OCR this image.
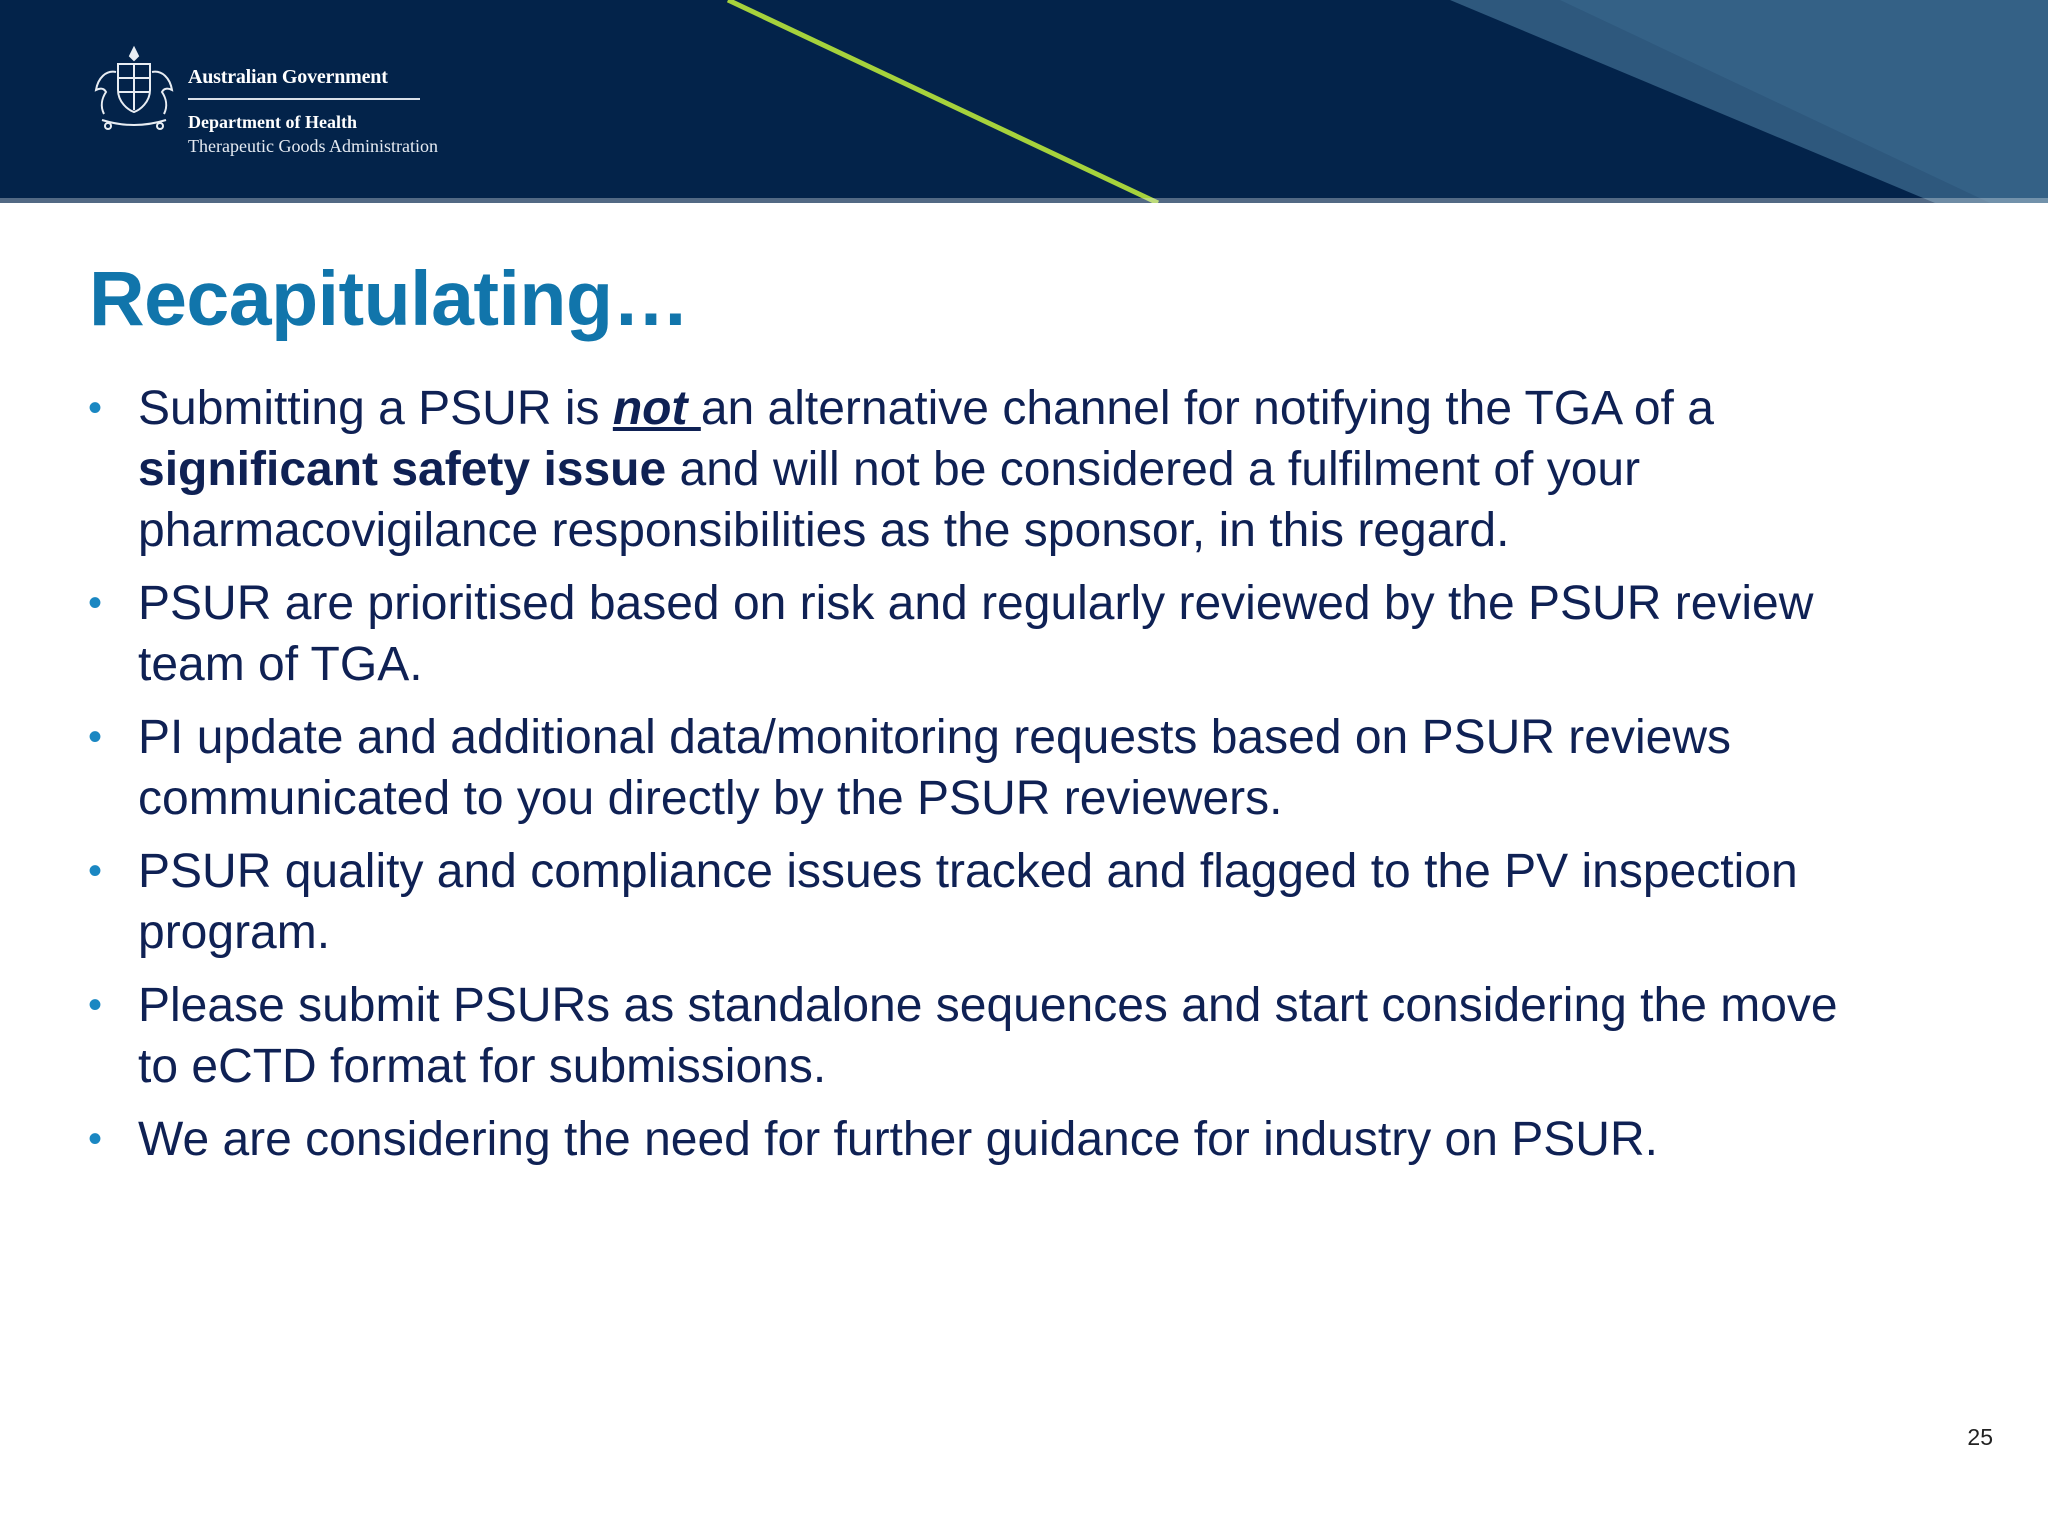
Australian Government
Department of Health
Therapeutic Goods Administration
Recapitulating…
• Submitting a PSUR is not an alternative channel for notifying the TGA of a
significant safety issue and will not be considered a fulfilment of your
pharmacovigilance responsibilities as the sponsor, in this regard.
• PSUR are prioritised based on risk and regularly reviewed by the PSUR review
team of TGA.
• PI update and additional data/monitoring requests based on PSUR reviews
communicated to you directly by the PSUR reviewers.
• PSUR quality and compliance issues tracked and flagged to the PV inspection
program.
• Please submit PSURs as standalone sequences and start considering the move
to eCTD format for submissions.
• We are considering the need for further guidance for industry on PSUR.
25
